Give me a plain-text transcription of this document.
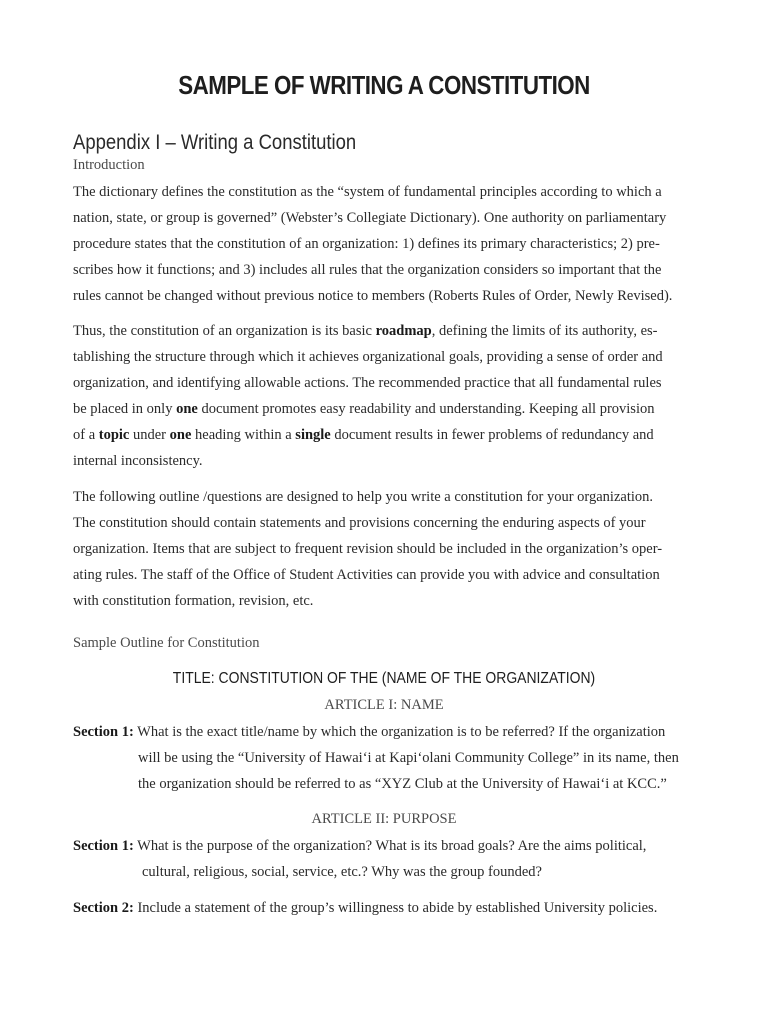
SAMPLE OF WRITING A CONSTITUTION
Appendix I – Writing a Constitution
Introduction
The dictionary defines the constitution as the “system of fundamental principles according to which a
nation, state, or group is governed” (Webster’s Collegiate Dictionary). One authority on parliamentary
procedure states that the constitution of an organization: 1) defines its primary characteristics; 2) pre-
scribes how it functions; and 3) includes all rules that the organization considers so important that the
rules cannot be changed without previous notice to members (Roberts Rules of Order, Newly Revised).
Thus, the constitution of an organization is its basic roadmap, defining the limits of its authority, es-
tablishing the structure through which it achieves organizational goals, providing a sense of order and
organization, and identifying allowable actions. The recommended practice that all fundamental rules
be placed in only one document promotes easy readability and understanding. Keeping all provision
of a topic under one heading within a single document results in fewer problems of redundancy and
internal inconsistency.
The following outline /questions are designed to help you write a constitution for your organization.
The constitution should contain statements and provisions concerning the enduring aspects of your
organization. Items that are subject to frequent revision should be included in the organization’s oper-
ating rules. The staff of the Office of Student Activities can provide you with advice and consultation
with constitution formation, revision, etc.
Sample Outline for Constitution
TITLE: CONSTITUTION OF THE (NAME OF THE ORGANIZATION)
ARTICLE I: NAME
Section 1: What is the exact title/name by which the organization is to be referred? If the organization
will be using the “University of Hawai‘i at Kapi‘olani Community College” in its name, then
the organization should be referred to as “XYZ Club at the University of Hawai‘i at KCC.”
ARTICLE II: PURPOSE
Section 1: What is the purpose of the organization? What is its broad goals? Are the aims political,
cultural, religious, social, service, etc.? Why was the group founded?
Section 2: Include a statement of the group’s willingness to abide by established University policies.
